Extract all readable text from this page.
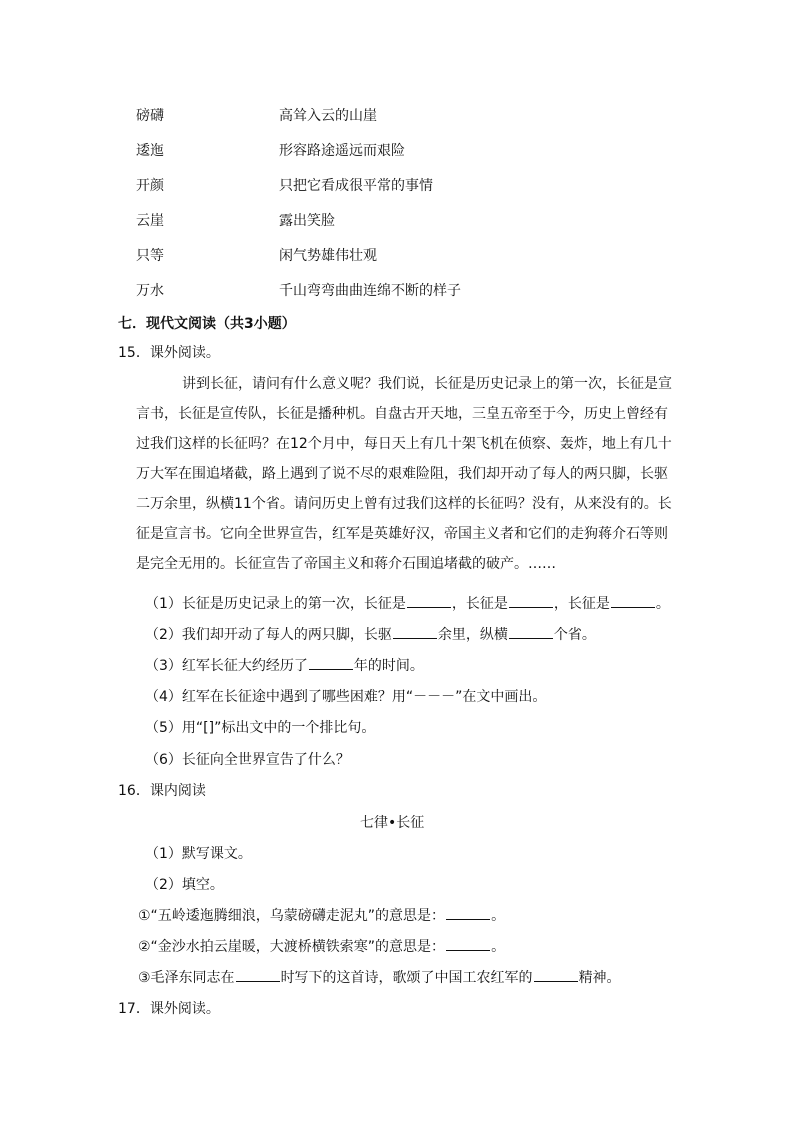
磅礴	高耸入云的山崖
逶迤	形容路途遥远而艰险
开颜	只把它看成很平常的事情
云崖	露出笑脸
只等	闲气势雄伟壮观
万水	千山弯弯曲曲连绵不断的样子
七．现代文阅读（共3小题）
15．课外阅读。
讲到长征，请问有什么意义呢？我们说，长征是历史记录上的第一次，长征是宣
言书，长征是宣传队，长征是播种机。自盘古开天地，三皇五帝至于今，历史上曾经有
过我们这样的长征吗？在12个月中，每日天上有几十架飞机在侦察、轰炸，地上有几十
万大军在围追堵截，路上遇到了说不尽的艰难险阻，我们却开动了每人的两只脚，长驱
二万余里，纵横11个省。请问历史上曾有过我们这样的长征吗？没有，从来没有的。长
征是宣言书。它向全世界宣告，红军是英雄好汉，帝国主义者和它们的走狗蒋介石等则
是完全无用的。长征宣告了帝国主义和蒋介石围追堵截的破产。……
（1）长征是历史记录上的第一次，长征是	，长征是	，长征是	。
（2）我们却开动了每人的两只脚，长驱	余里，纵横	个省。
（3）红军长征大约经历了	年的时间。
（4）红军在长征途中遇到了哪些困难？用“－－－”在文中画出。
（5）用“[]”标出文中的一个排比句。
（6）长征向全世界宣告了什么？
16．课内阅读
七律•长征
（1）默写课文。
（2）填空。
①“五岭逶迤腾细浪，乌蒙磅礴走泥丸”的意思是：	。
②“金沙水拍云崖暖，大渡桥横铁索寒”的意思是：	。
③毛泽东同志在	时写下的这首诗，歌颂了中国工农红军的	精神。
17．课外阅读。
